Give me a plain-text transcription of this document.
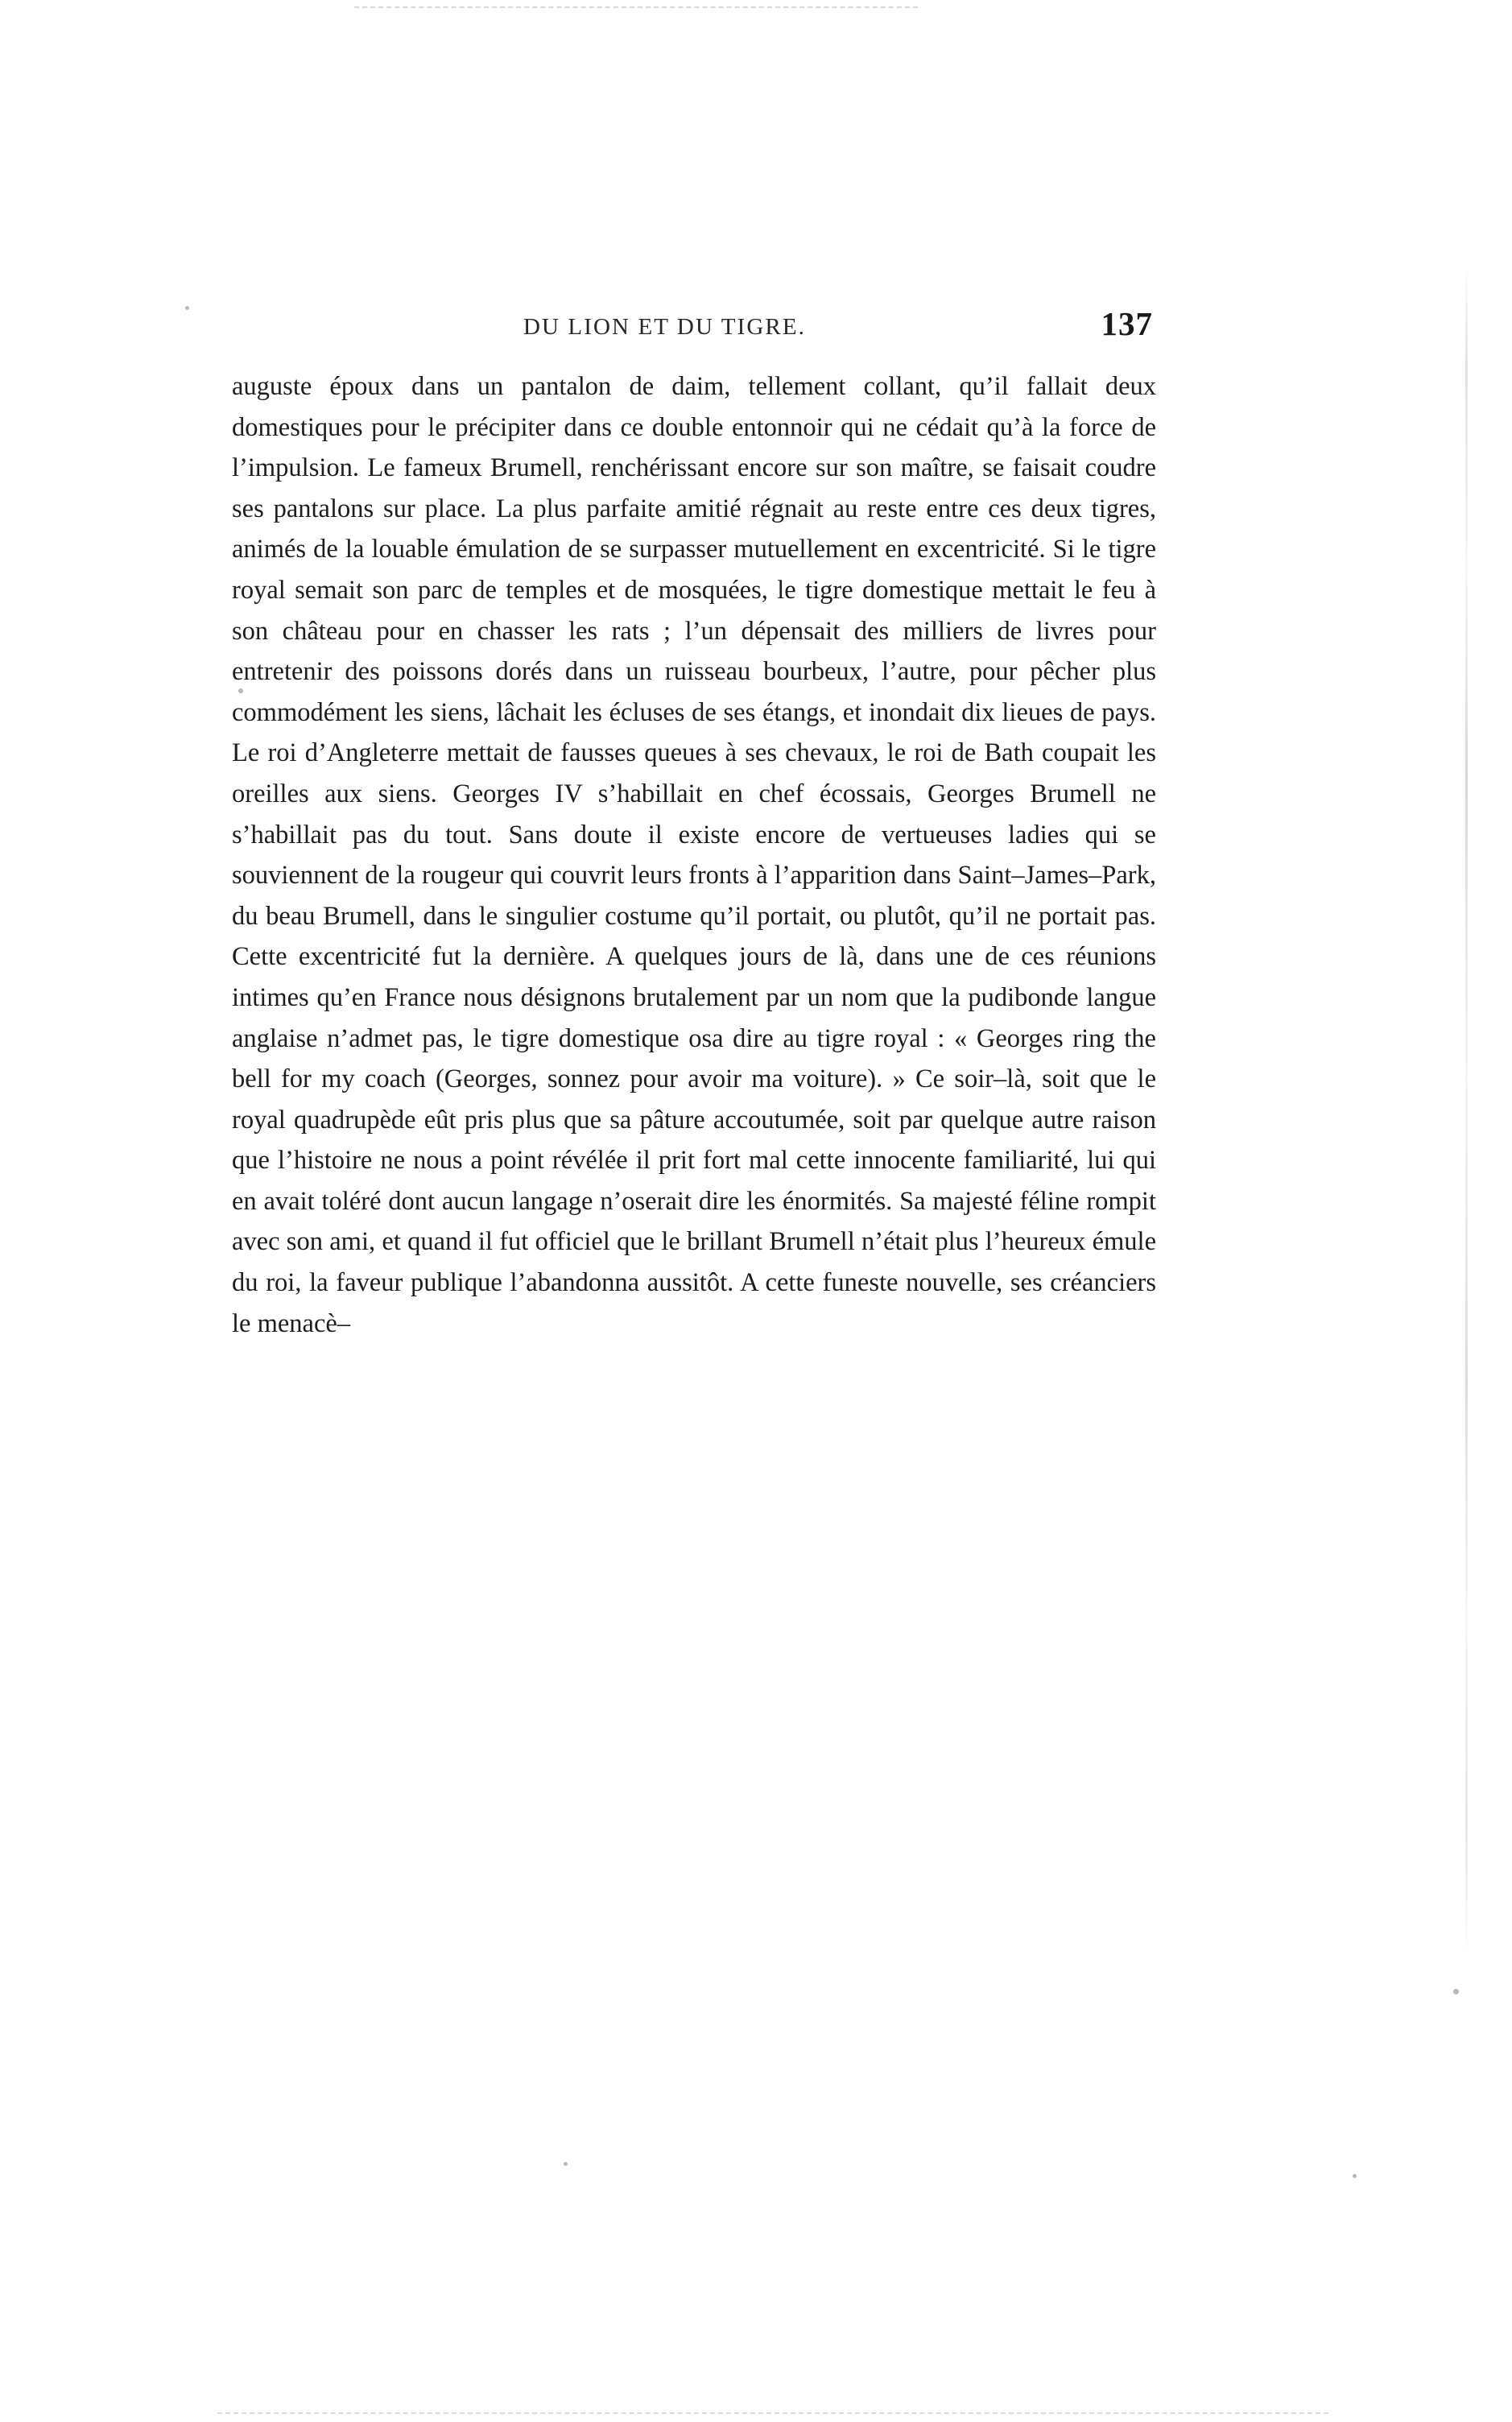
DU LION ET DU TIGRE.	137

auguste époux dans un pantalon de daim, tellement collant, qu’il fallait deux domestiques pour le précipiter dans ce double entonnoir qui ne cédait qu’à la force de l’impulsion. Le fameux Brumell, renchérissant encore sur son maître, se faisait coudre ses pantalons sur place. La plus parfaite amitié régnait au reste entre ces deux tigres, animés de la louable émulation de se surpasser mutuellement en excentricité. Si le tigre royal semait son parc de temples et de mosquées, le tigre domestique mettait le feu à son château pour en chasser les rats ; l’un dépensait des milliers de livres pour entretenir des poissons dorés dans un ruisseau bourbeux, l’autre, pour pêcher plus commodément les siens, lâchait les écluses de ses étangs, et inondait dix lieues de pays. Le roi d’Angleterre mettait de fausses queues à ses chevaux, le roi de Bath coupait les oreilles aux siens. Georges IV s’habillait en chef écossais, Georges Brumell ne s’habillait pas du tout. Sans doute il existe encore de vertueuses ladies qui se souviennent de la rougeur qui couvrit leurs fronts à l’apparition dans Saint–James–Park, du beau Brumell, dans le singulier costume qu’il portait, ou plutôt, qu’il ne portait pas. Cette excentricité fut la dernière. A quelques jours de là, dans une de ces réunions intimes qu’en France nous désignons brutalement par un nom que la pudibonde langue anglaise n’admet pas, le tigre domestique osa dire au tigre royal : « Georges ring the bell for my coach (Georges, sonnez pour avoir ma voiture). » Ce soir–là, soit que le royal quadrupède eût pris plus que sa pâture accoutumée, soit par quelque autre raison que l’histoire ne nous a point révélée il prit fort mal cette innocente familiarité, lui qui en avait toléré dont aucun langage n’oserait dire les énormités. Sa majesté féline rompit avec son ami, et quand il fut officiel que le brillant Brumell n’était plus l’heureux émule du roi, la faveur publique l’abandonna aussitôt. A cette funeste nouvelle, ses créanciers le menacè–
